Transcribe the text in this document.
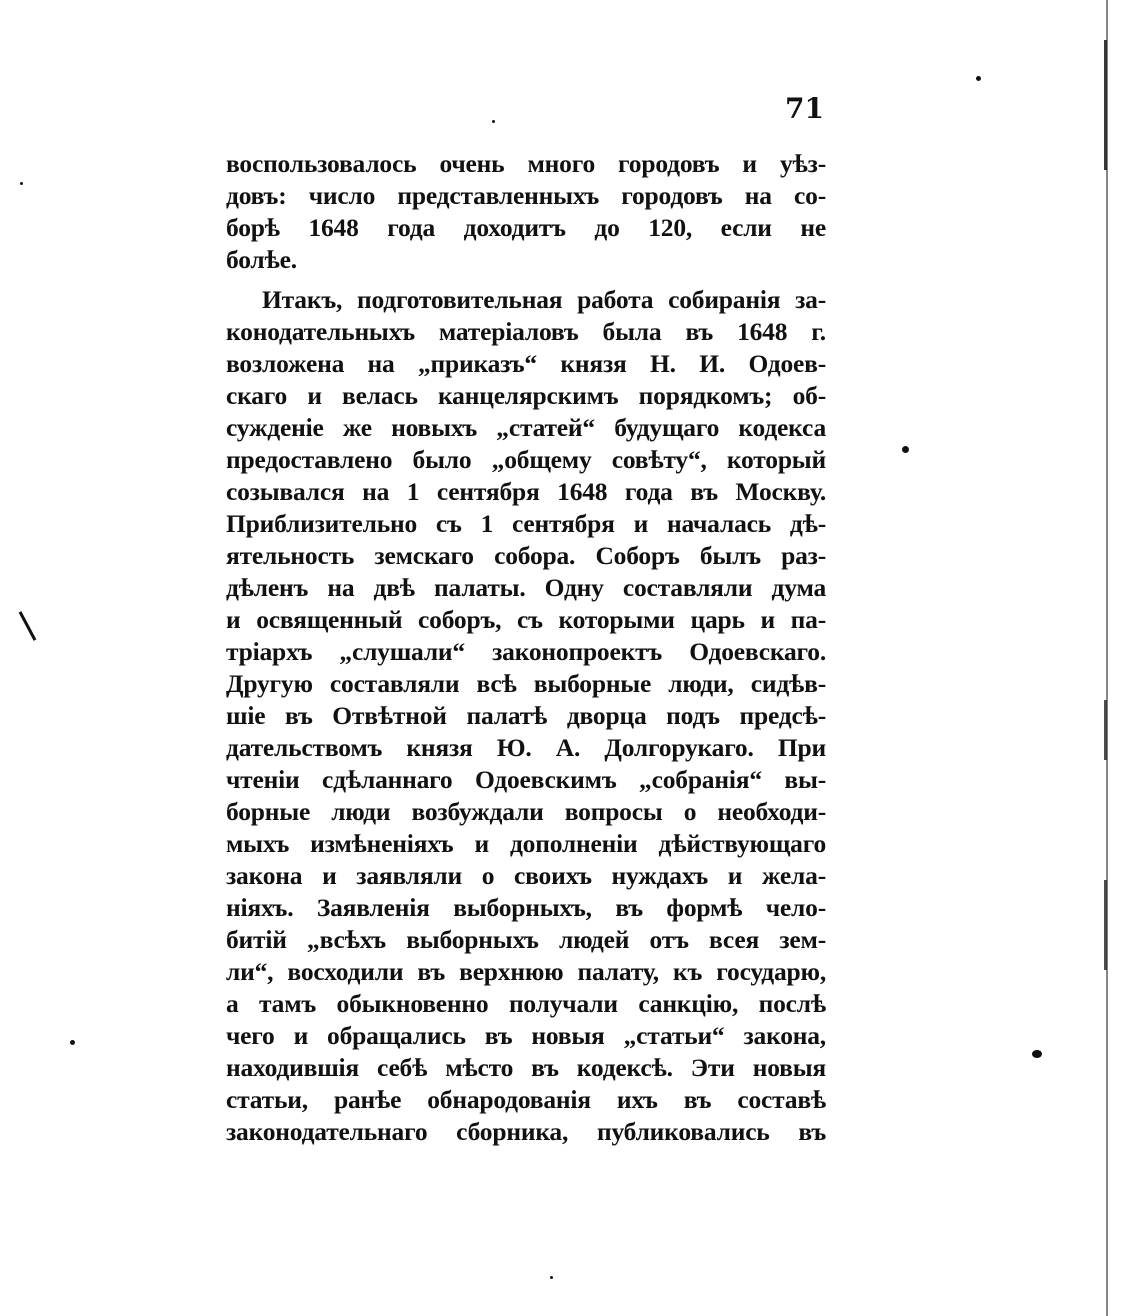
71
воспользовалось очень много городовъ и уѣз-
довъ: число представленныхъ городовъ на со-
борѣ 1648 года доходитъ до 120, если не
болѣе.
Итакъ, подготовительная работа собиранія за-
конодательныхъ матеріаловъ была въ 1648 г.
возложена на „приказъ“ князя Н. И. Одоев-
скаго и велась канцелярскимъ порядкомъ; об-
сужденіе же новыхъ „статей“ будущаго кодекса
предоставлено было „общему совѣту“, который
созывался на 1 сентября 1648 года въ Москву.
Приблизительно съ 1 сентября и началась дѣ-
ятельность земскаго собора. Соборъ былъ раз-
дѣленъ на двѣ палаты. Одну составляли дума
и освященный соборъ, съ которыми царь и па-
тріархъ „слушали“ законопроектъ Одоевскаго.
Другую составляли всѣ выборные люди, сидѣв-
шіе въ Отвѣтной палатѣ дворца подъ предсѣ-
дательствомъ князя Ю. А. Долгорукаго. При
чтеніи сдѣланнаго Одоевскимъ „собранія“ вы-
борные люди возбуждали вопросы о необходи-
мыхъ измѣненіяхъ и дополненіи дѣйствующаго
закона и заявляли о своихъ нуждахъ и жела-
ніяхъ. Заявленія выборныхъ, въ формѣ чело-
битій „всѣхъ выборныхъ людей отъ всея зем-
ли“, восходили въ верхнюю палату, къ государю,
а тамъ обыкновенно получали санкцію, послѣ
чего и обращались въ новыя „статьи“ закона,
находившія себѣ мѣсто въ кодексѣ. Эти новыя
статьи, ранѣе обнародованія ихъ въ составѣ
законодательнаго сборника, публиковались въ
